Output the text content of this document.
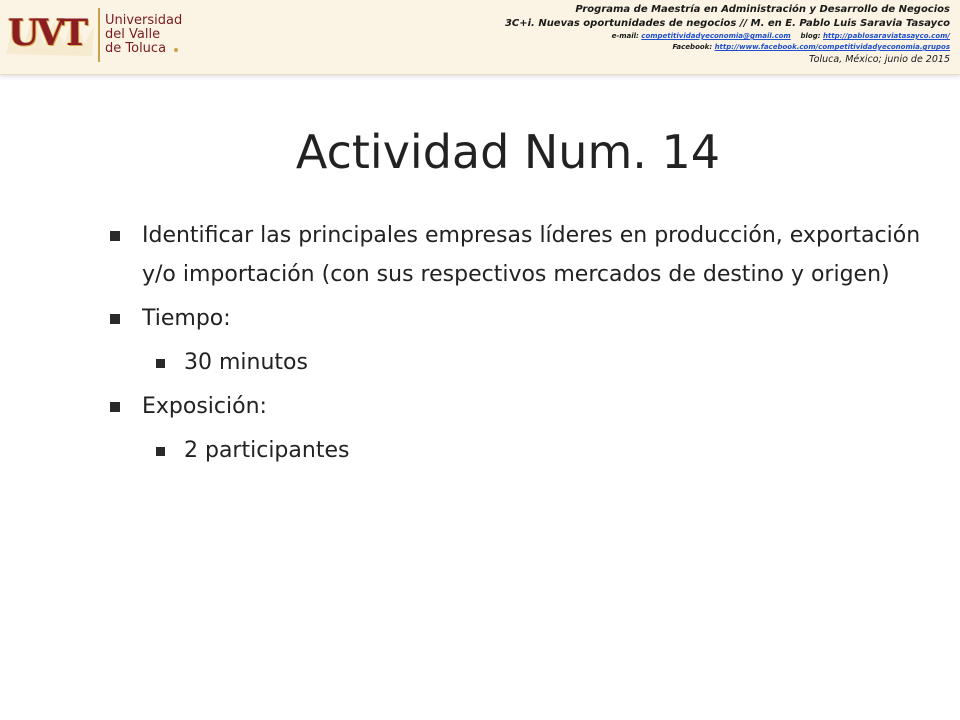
UVT Universidad
del Valle
de Toluca
Programa de Maestría en Administración y Desarrollo de Negocios
3C+i. Nuevas oportunidades de negocios // M. en E. Pablo Luis Saravia Tasayco
e-mail: competitividadyeconomia@gmail.com blog: http://pablosaraviatasayco.com/
Facebook: http://www.facebook.com/competitividadyeconomia.grupos
Toluca, México; junio de 2015
Actividad Num. 14
Identificar las principales empresas líderes en producción, exportación y/o importación (con sus respectivos mercados de destino y origen)
Tiempo:
30 minutos
Exposición:
2 participantes
